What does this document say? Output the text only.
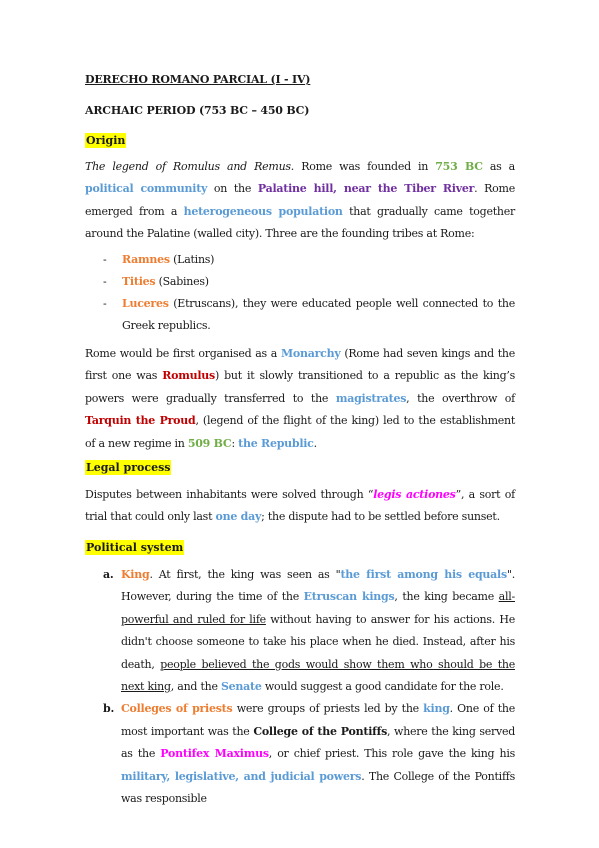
DERECHO ROMANO PARCIAL (I - IV)
ARCHAIC PERIOD (753 BC – 450 BC)
Origin
The legend of Romulus and Remus. Rome was founded in 753 BC as a political community on the Palatine hill, near the Tiber River. Rome emerged from a heterogeneous population that gradually came together around the Palatine (walled city). Three are the founding tribes at Rome:
- Ramnes (Latins)
- Tities (Sabines)
- Luceres (Etruscans), they were educated people well connected to the Greek republics.
Rome would be first organised as a Monarchy (Rome had seven kings and the first one was Romulus) but it slowly transitioned to a republic as the king’s powers were gradually transferred to the magistrates, the overthrow of Tarquin the Proud, (legend of the flight of the king) led to the establishment of a new regime in 509 BC: the Republic.
Legal process
Disputes between inhabitants were solved through “legis actiones”, a sort of trial that could only last one day; the dispute had to be settled before sunset.
Political system
a. King. At first, the king was seen as "the first among his equals". However, during the time of the Etruscan kings, the king became all-powerful and ruled for life without having to answer for his actions. He didn't choose someone to take his place when he died. Instead, after his death, people believed the gods would show them who should be the next king, and the Senate would suggest a good candidate for the role.
b. Colleges of priests were groups of priests led by the king. One of the most important was the College of the Pontiffs, where the king served as the Pontifex Maximus, or chief priest. This role gave the king his military, legislative, and judicial powers. The College of the Pontiffs was responsible
